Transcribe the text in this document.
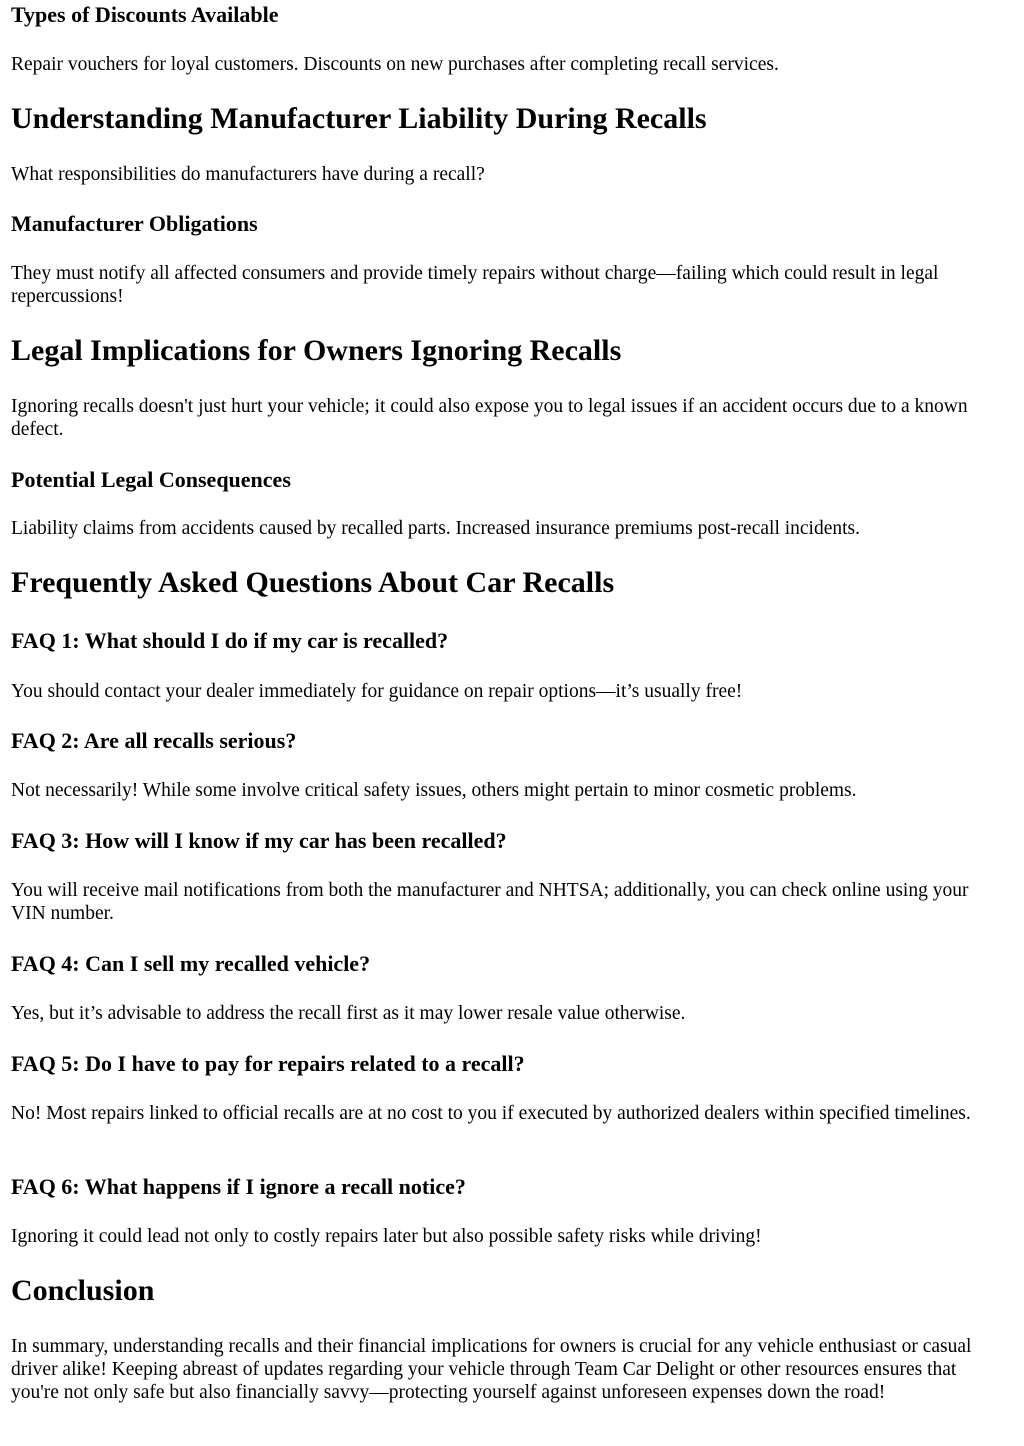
Types of Discounts Available

Repair vouchers for loyal customers. Discounts on new purchases after completing recall services.

Understanding Manufacturer Liability During Recalls

What responsibilities do manufacturers have during a recall?

Manufacturer Obligations

They must notify all affected consumers and provide timely repairs without charge—failing which could result in legal repercussions!

Legal Implications for Owners Ignoring Recalls

Ignoring recalls doesn't just hurt your vehicle; it could also expose you to legal issues if an accident occurs due to a known defect.

Potential Legal Consequences

Liability claims from accidents caused by recalled parts. Increased insurance premiums post-recall incidents.

Frequently Asked Questions About Car Recalls
FAQ 1: What should I do if my car is recalled?

You should contact your dealer immediately for guidance on repair options—it’s usually free!

FAQ 2: Are all recalls serious?

Not necessarily! While some involve critical safety issues, others might pertain to minor cosmetic problems.

FAQ 3: How will I know if my car has been recalled?

You will receive mail notifications from both the manufacturer and NHTSA; additionally, you can check online using your VIN number.

FAQ 4: Can I sell my recalled vehicle?

Yes, but it’s advisable to address the recall first as it may lower resale value otherwise.

FAQ 5: Do I have to pay for repairs related to a recall?

No! Most repairs linked to official recalls are at no cost to you if executed by authorized dealers within specified timelines.

FAQ 6: What happens if I ignore a recall notice?

Ignoring it could lead not only to costly repairs later but also possible safety risks while driving!

Conclusion

In summary, understanding recalls and their financial implications for owners is crucial for any vehicle enthusiast or casual driver alike! Keeping abreast of updates regarding your vehicle through Team Car Delight or other resources ensures that you're not only safe but also financially savvy—protecting yourself against unforeseen expenses down the road!
